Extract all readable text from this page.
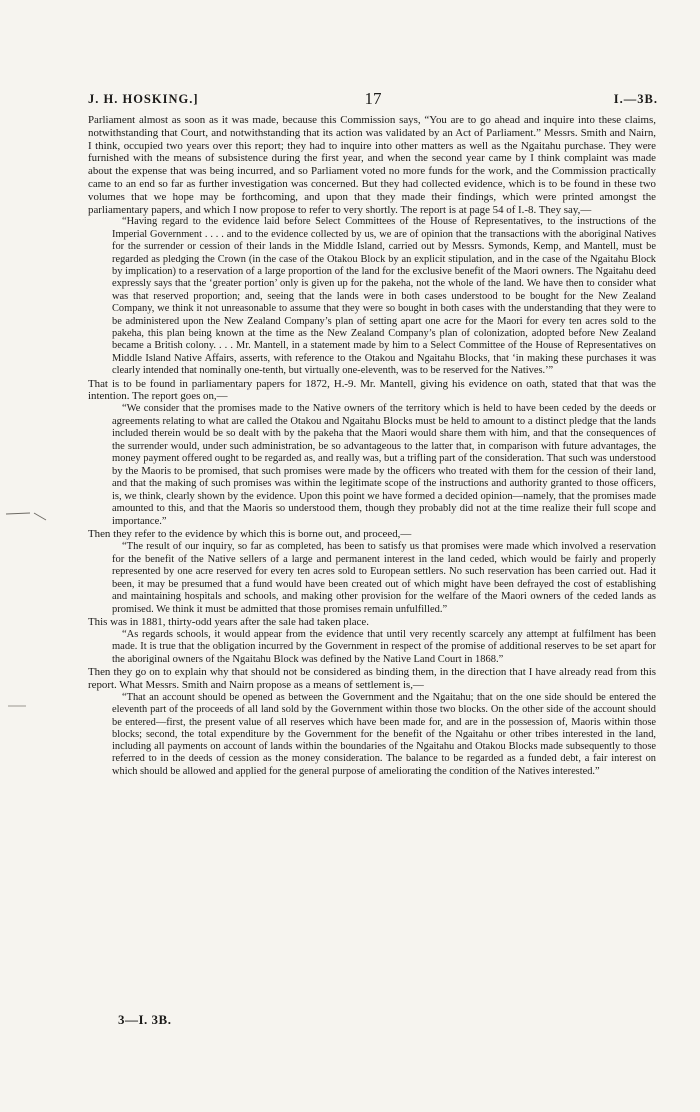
J. H. HOSKING.]	17	I.—3B.

Parliament almost as soon as it was made, because this Commission says, “You are to go ahead and inquire into these claims, notwithstanding that Court, and notwithstanding that its action was validated by an Act of Parliament.” Messrs. Smith and Nairn, I think, occupied two years over this report; they had to inquire into other matters as well as the Ngaitahu purchase. They were furnished with the means of subsistence during the first year, and when the second year came by I think complaint was made about the expense that was being incurred, and so Parliament voted no more funds for the work, and the Commission practically came to an end so far as further investigation was concerned. But they had collected evidence, which is to be found in these two volumes that we hope may be forthcoming, and upon that they made their findings, which were printed amongst the parliamentary papers, and which I now propose to refer to very shortly. The report is at page 54 of I.-8. They say,—

“Having regard to the evidence laid before Select Committees of the House of Representatives, to the instructions of the Imperial Government . . . . and to the evidence collected by us, we are of opinion that the transactions with the aboriginal Natives for the surrender or cession of their lands in the Middle Island, carried out by Messrs. Symonds, Kemp, and Mantell, must be regarded as pledging the Crown (in the case of the Otakou Block by an explicit stipulation, and in the case of the Ngaitahu Block by implication) to a reservation of a large proportion of the land for the exclusive benefit of the Maori owners. The Ngaitahu deed expressly says that the ‘greater portion’ only is given up for the pakeha, not the whole of the land. We have then to consider what was that reserved proportion; and, seeing that the lands were in both cases understood to be bought for the New Zealand Company, we think it not unreasonable to assume that they were so bought in both cases with the understanding that they were to be administered upon the New Zealand Company’s plan of setting apart one acre for the Maori for every ten acres sold to the pakeha, this plan being known at the time as the New Zealand Company’s plan of colonization, adopted before New Zealand became a British colony. . . . Mr. Mantell, in a statement made by him to a Select Committee of the House of Representatives on Middle Island Native Affairs, asserts, with reference to the Otakou and Ngaitahu Blocks, that ‘in making these purchases it was clearly intended that nominally one-tenth, but virtually one-eleventh, was to be reserved for the Natives.’”

That is to be found in parliamentary papers for 1872, H.-9. Mr. Mantell, giving his evidence on oath, stated that that was the intention. The report goes on,—

“We consider that the promises made to the Native owners of the territory which is held to have been ceded by the deeds or agreements relating to what are called the Otakou and Ngaitahu Blocks must be held to amount to a distinct pledge that the lands included therein would be so dealt with by the pakeha that the Maori would share them with him, and that the consequences of the surrender would, under such administration, be so advantageous to the latter that, in comparison with future advantages, the money payment offered ought to be regarded as, and really was, but a trifling part of the consideration. That such was understood by the Maoris to be promised, that such promises were made by the officers who treated with them for the cession of their land, and that the making of such promises was within the legitimate scope of the instructions and authority granted to those officers, is, we think, clearly shown by the evidence. Upon this point we have formed a decided opinion—namely, that the promises made amounted to this, and that the Maoris so understood them, though they probably did not at the time realize their full scope and importance.”

Then they refer to the evidence by which this is borne out, and proceed,—

“The result of our inquiry, so far as completed, has been to satisfy us that promises were made which involved a reservation for the benefit of the Native sellers of a large and permanent interest in the land ceded, which would be fairly and properly represented by one acre reserved for every ten acres sold to European settlers. No such reservation has been carried out. Had it been, it may be presumed that a fund would have been created out of which might have been defrayed the cost of establishing and maintaining hospitals and schools, and making other provision for the welfare of the Maori owners of the ceded lands as promised. We think it must be admitted that those promises remain unfulfilled.”

This was in 1881, thirty-odd years after the sale had taken place.

“As regards schools, it would appear from the evidence that until very recently scarcely any attempt at fulfilment has been made. It is true that the obligation incurred by the Government in respect of the promise of additional reserves to be set apart for the aboriginal owners of the Ngaitahu Block was defined by the Native Land Court in 1868.”

Then they go on to explain why that should not be considered as binding them, in the direction that I have already read from this report. What Messrs. Smith and Nairn propose as a means of settlement is,—

“That an account should be opened as between the Government and the Ngaitahu; that on the one side should be entered the eleventh part of the proceeds of all land sold by the Government within those two blocks. On the other side of the account should be entered—first, the present value of all reserves which have been made for, and are in the possession of, Maoris within those blocks; second, the total expenditure by the Government for the benefit of the Ngaitahu or other tribes interested in the land, including all payments on account of lands within the boundaries of the Ngaitahu and Otakou Blocks made subsequently to those referred to in the deeds of cession as the money consideration. The balance to be regarded as a funded debt, a fair interest on which should be allowed and applied for the general purpose of ameliorating the condition of the Natives interested.”

3—I. 3B.
